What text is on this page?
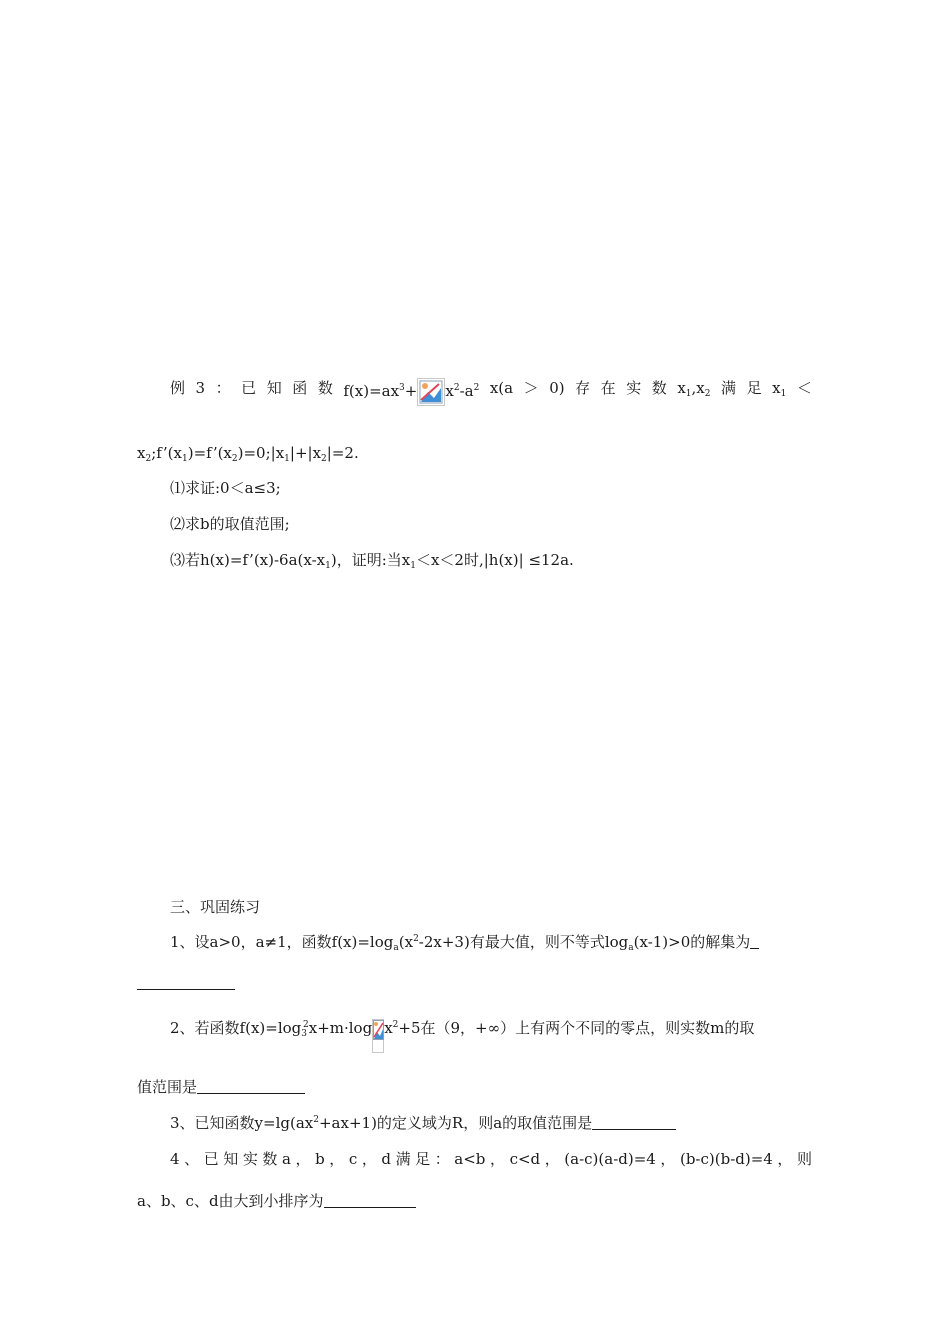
例 3 ： 已 知 函 数 $f(x)=ax^3+ x^2-a^2$ x(a ＞ 0) 存 在 实 数 $x_1,x_2$ 满 足 $x_1$ ＜
$x_2;f’(x_1)=f’(x_2)=0;|x_1|+|x_2|=2$.
⑴求证:0＜a≤3;
⑵求b的取值范围;
⑶若$h(x)=f’(x)-6a(x-x_1)$，证明:当$x_1<x<2$时,|h(x)| ≤12a.
三、巩固练习
1、设a>0，a≠1，函数$f(x)=\log_a(x^2-2x+3)$有最大值，则不等式$\log_a(x-1)>0$的解集为
2、若函数$f(x)=\log_3^2x+m\cdot\log$ $x^2+5$在（9，+∞）上有两个不同的零点，则实数m的取
值范围是
3、已知函数$y=\lg(ax^2+ax+1)$的定义域为R，则a的取值范围是
4 、 已 知 实 数 a ， b ， c ， d 满 足 ： a<b ， c<d ， (a-c)(a-d)=4 ， (b-c)(b-d)=4 ， 则
a、b、c、d由大到小排序为
